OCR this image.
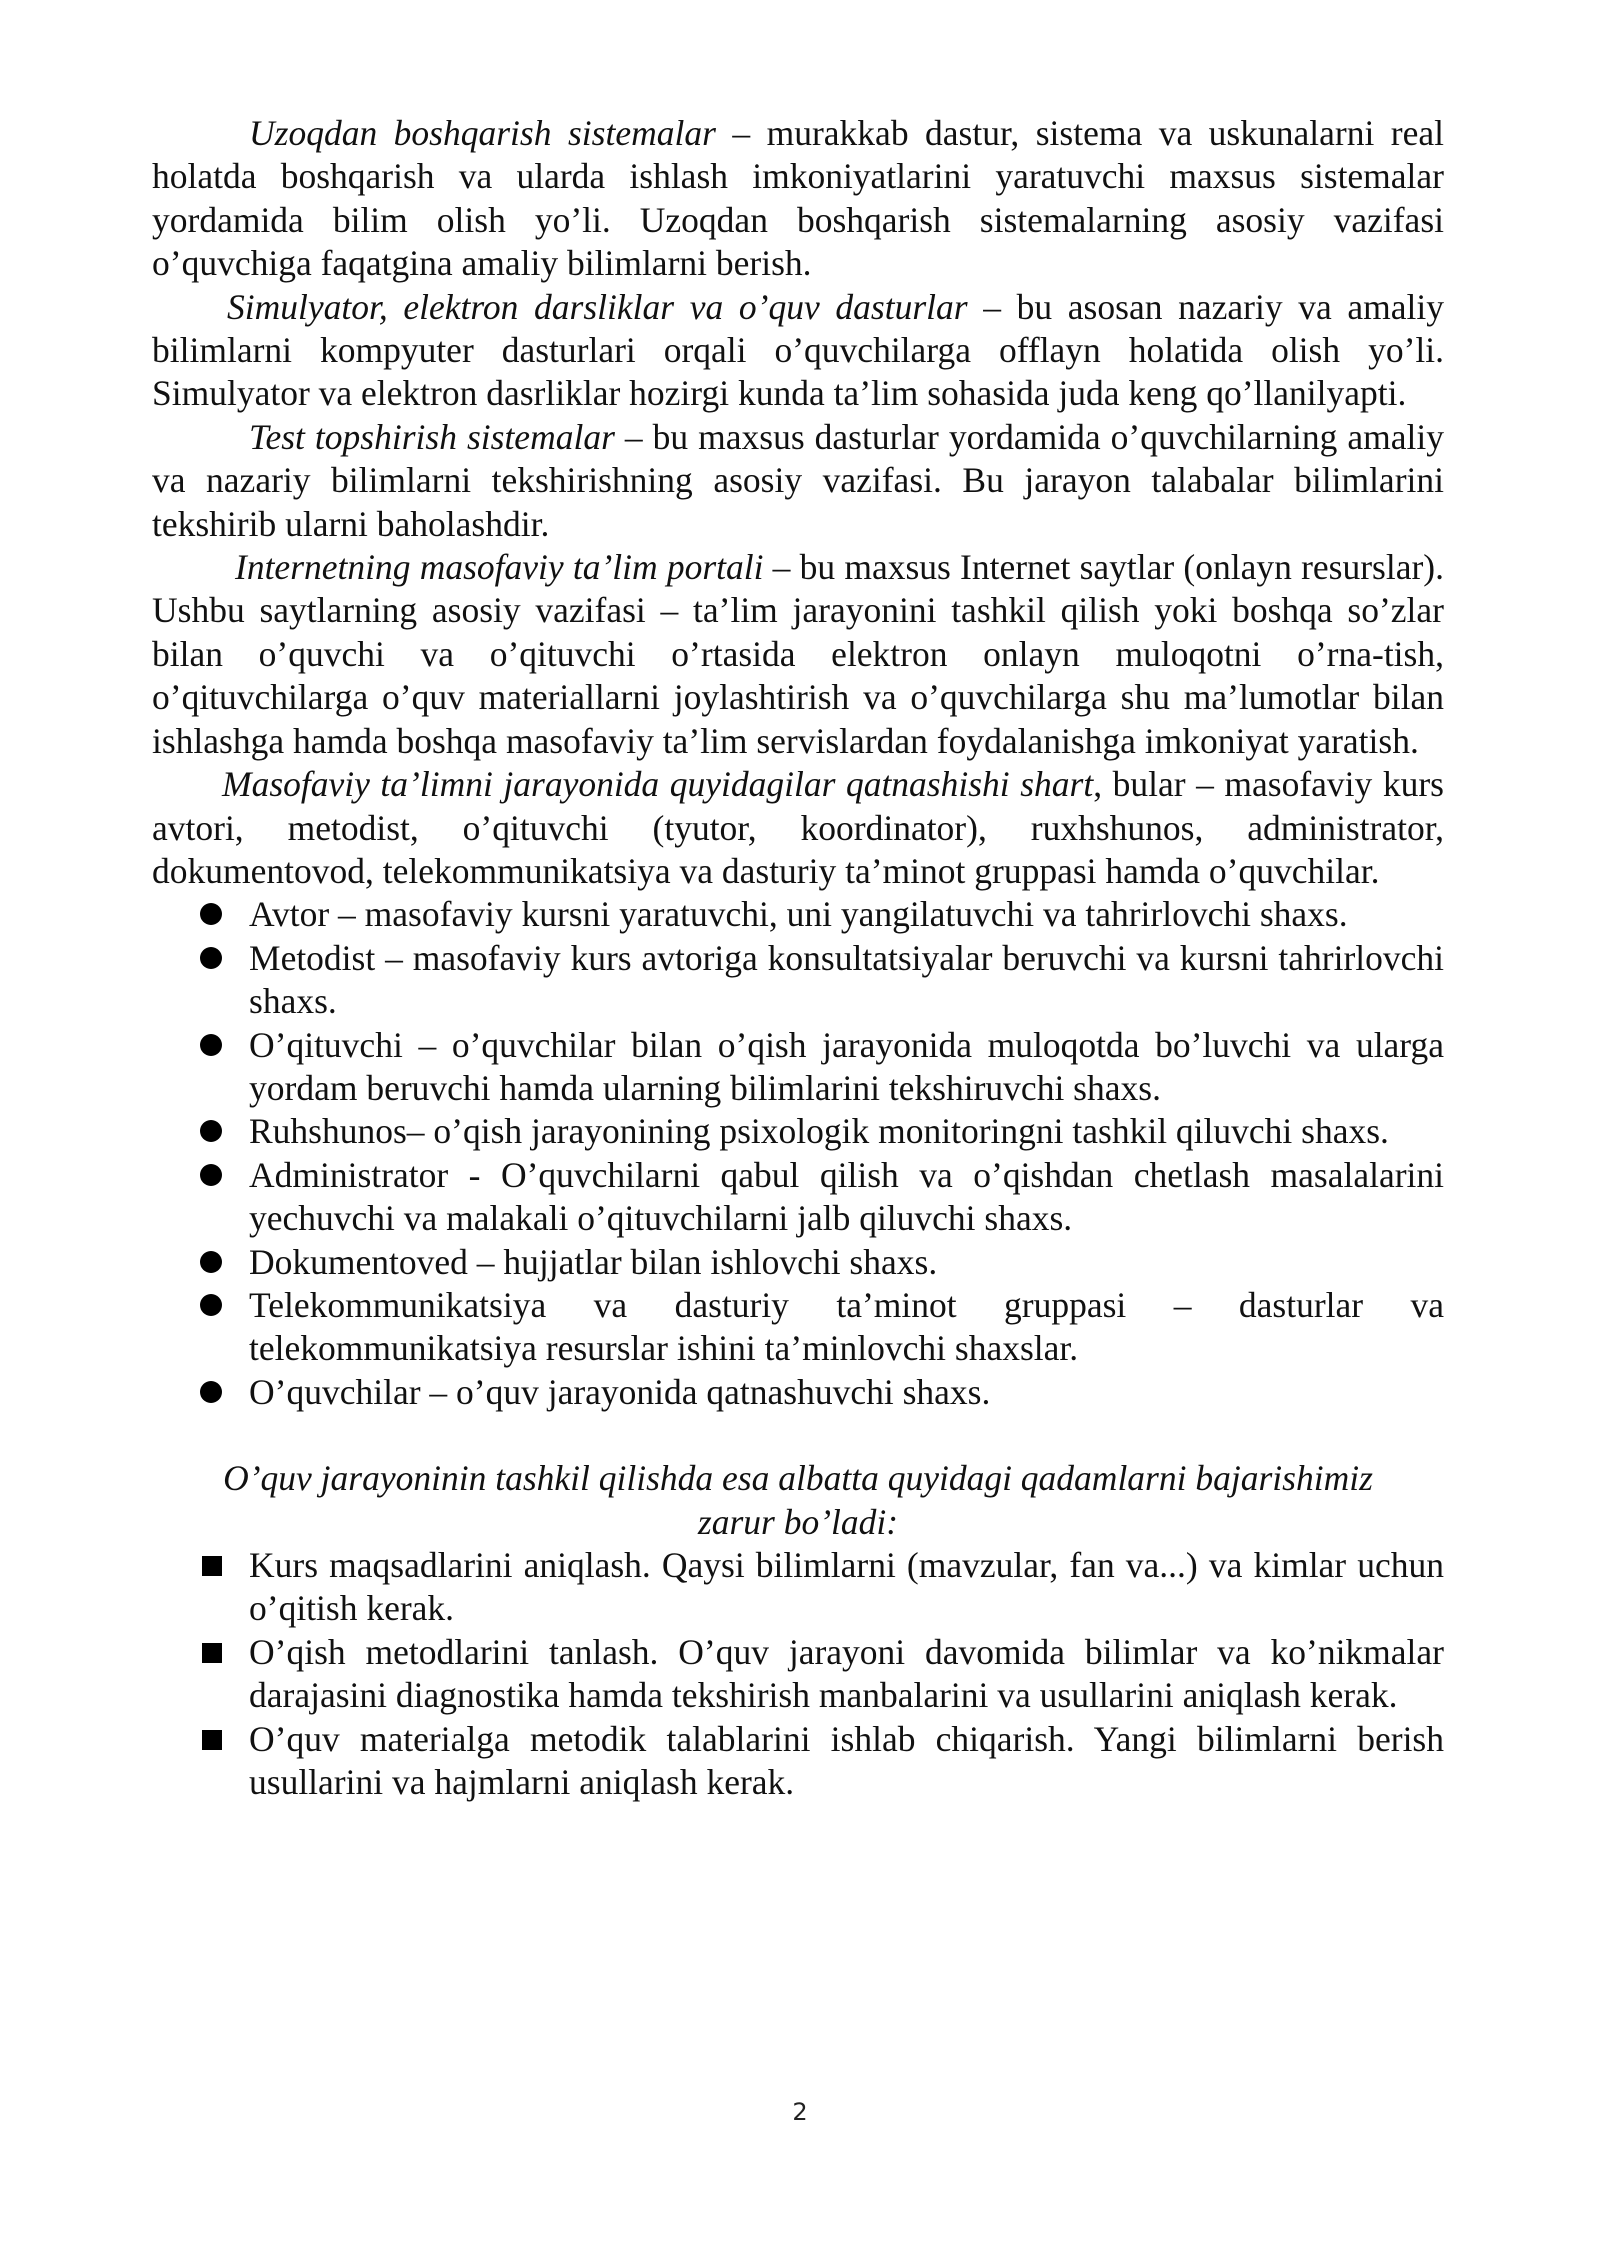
Uzoqdan boshqarish sistemalar – murakkab dastur, sistema va uskunalarni real holatda boshqarish va ularda ishlash imkoniyatlarini yaratuvchi maxsus sistemalar yordamida bilim olish yo’li. Uzoqdan boshqarish sistemalarning asosiy vazifasi o’quvchiga faqatgina amaliy bilimlarni berish.

Simulyator, elektron darsliklar va o’quv dasturlar – bu asosan nazariy va amaliy bilimlarni kompyuter dasturlari orqali o’quvchilarga offlayn holatida olish yo’li. Simulyator va elektron dasrliklar hozirgi kunda ta’lim sohasida juda keng qo’llanilyapti.

Test topshirish sistemalar – bu maxsus dasturlar yordamida o’quvchilarning amaliy va nazariy bilimlarni tekshirishning asosiy vazifasi. Bu jarayon talabalar bilimlarini tekshirib ularni baholashdir.

Internetning masofaviy ta’lim portali – bu maxsus Internet saytlar (onlayn resurslar). Ushbu saytlarning asosiy vazifasi – ta’lim jarayonini tashkil qilish yoki boshqa so’zlar bilan o’quvchi va o’qituvchi o’rtasida elektron onlayn muloqotni o’rna-tish, o’qituvchilarga o’quv materiallarni joylashtirish va o’quvchilarga shu ma’lumotlar bilan ishlashga hamda boshqa masofaviy ta’lim servislardan foydalanishga imkoniyat yaratish.

Masofaviy ta’limni jarayonida quyidagilar qatnashishi shart, bular – masofaviy kurs avtori, metodist, o’qituvchi (tyutor, koordinator), ruxhshunos, administrator, dokumentovod, telekommunikatsiya va dasturiy ta’minot gruppasi hamda o’quvchilar.

Avtor – masofaviy kursni yaratuvchi, uni yangilatuvchi va tahrirlovchi shaxs.
Metodist – masofaviy kurs avtoriga konsultatsiyalar beruvchi va kursni tahrirlovchi shaxs.
O’qituvchi – o’quvchilar bilan o’qish jarayonida muloqotda bo’luvchi va ularga yordam beruvchi hamda ularning bilimlarini tekshiruvchi shaxs.
Ruhshunos– o’qish jarayonining psixologik monitoringni tashkil qiluvchi shaxs.
Administrator - O’quvchilarni qabul qilish va o’qishdan chetlash masalalarini yechuvchi va malakali o’qituvchilarni jalb qiluvchi shaxs.
Dokumentoved – hujjatlar bilan ishlovchi shaxs.
Telekommunikatsiya va dasturiy ta’minot gruppasi – dasturlar va telekommunikatsiya resurslar ishini ta’minlovchi shaxslar.
O’quvchilar – o’quv jarayonida qatnashuvchi shaxs.

O’quv jarayoninin tashkil qilishda esa albatta quyidagi qadamlarni bajarishimiz zarur bo’ladi:

Kurs maqsadlarini aniqlash. Qaysi bilimlarni (mavzular, fan va...) va kimlar uchun o’qitish kerak.
O’qish metodlarini tanlash. O’quv jarayoni davomida bilimlar va ko’nikmalar darajasini diagnostika hamda tekshirish manbalarini va usullarini aniqlash kerak.
O’quv materialga metodik talablarini ishlab chiqarish. Yangi bilimlarni berish usullarini va hajmlarni aniqlash kerak.
2
